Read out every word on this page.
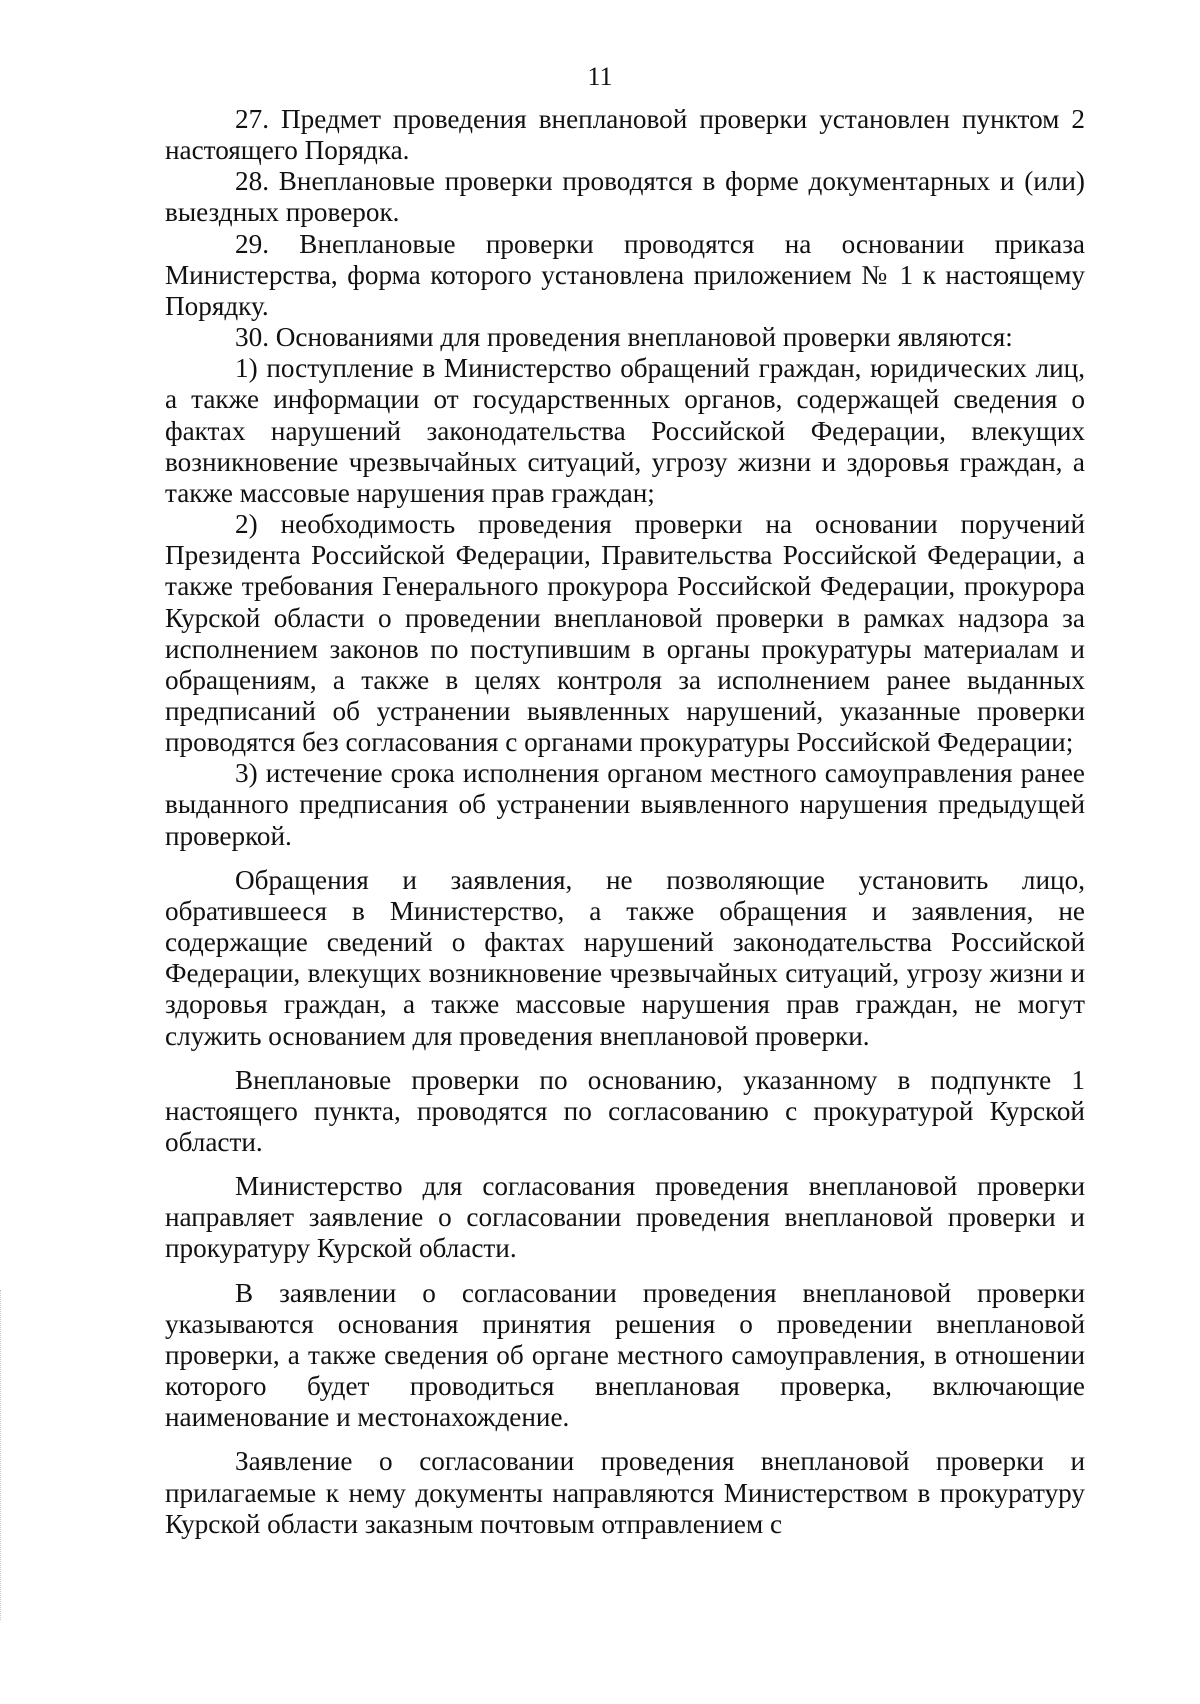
11

27. Предмет проведения внеплановой проверки установлен пунктом 2 настоящего Порядка.

28. Внеплановые проверки проводятся в форме документарных и (или) выездных проверок.

29. Внеплановые проверки проводятся на основании приказа Министерства, форма которого установлена приложением № 1 к настоящему Порядку.

30. Основаниями для проведения внеплановой проверки являются:

1) поступление в Министерство обращений граждан, юридических лиц, а также информации от государственных органов, содержащей сведения о фактах нарушений законодательства Российской Федерации, влекущих возникновение чрезвычайных ситуаций, угрозу жизни и здоровья граждан, а также массовые нарушения прав граждан;

2) необходимость проведения проверки на основании поручений Президента Российской Федерации, Правительства Российской Федерации, а также требования Генерального прокурора Российской Федерации, прокурора Курской области о проведении внеплановой проверки в рамках надзора за исполнением законов по поступившим в органы прокуратуры материалам и обращениям, а также в целях контроля за исполнением ранее выданных предписаний об устранении выявленных нарушений, указанные проверки проводятся без согласования с органами прокуратуры Российской Федерации;

3) истечение срока исполнения органом местного самоуправления ранее выданного предписания об устранении выявленного нарушения предыдущей проверкой.

Обращения и заявления, не позволяющие установить лицо, обратившееся в Министерство, а также обращения и заявления, не содержащие сведений о фактах нарушений законодательства Российской Федерации, влекущих возникновение чрезвычайных ситуаций, угрозу жизни и здоровья граждан, а также массовые нарушения прав граждан, не могут служить основанием для проведения внеплановой проверки.

Внеплановые проверки по основанию, указанному в подпункте 1 настоящего пункта, проводятся по согласованию с прокуратурой Курской области.

Министерство для согласования проведения внеплановой проверки направляет заявление о согласовании проведения внеплановой проверки и прокуратуру Курской области.

В заявлении о согласовании проведения внеплановой проверки указываются основания принятия решения о проведении внеплановой проверки, а также сведения об органе местного самоуправления, в отношении которого будет проводиться внеплановая проверка, включающие наименование и местонахождение.

Заявление о согласовании проведения внеплановой проверки и прилагаемые к нему документы направляются Министерством в прокуратуру Курской области заказным почтовым отправлением с
